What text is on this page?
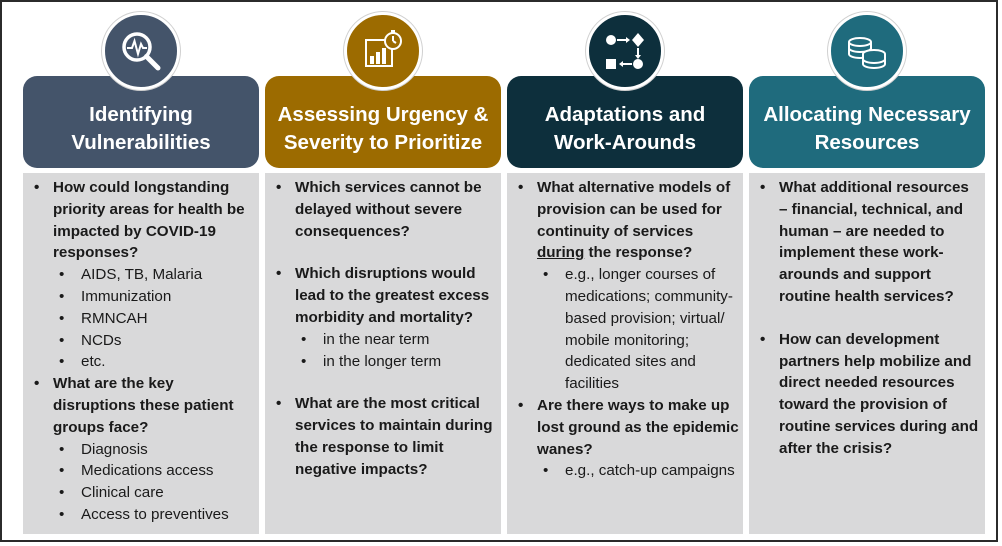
Identifying
Vulnerabilities
• How could longstanding priority areas for health be impacted by COVID-19 responses?
• AIDS, TB, Malaria
• Immunization
• RMNCAH
• NCDs
• etc.
• What are the key disruptions these patient groups face?
• Diagnosis
• Medications access
• Clinical care
• Access to preventives
Assessing Urgency &
Severity to Prioritize
• Which services cannot be delayed without severe consequences?
• Which disruptions would lead to the greatest excess morbidity and mortality?
• in the near term
• in the longer term
• What are the most critical services to maintain during the response to limit negative impacts?
Adaptations and
Work-Arounds
• What alternative models of provision can be used for continuity of services during the response?
• e.g., longer courses of medications; community-based provision; virtual/ mobile monitoring; dedicated sites and facilities
• Are there ways to make up lost ground as the epidemic wanes?
• e.g., catch-up campaigns
Allocating Necessary
Resources
• What additional resources – financial, technical, and human – are needed to implement these work-arounds and support routine health services?
• How can development partners help mobilize and direct needed resources toward the provision of routine services during and after the crisis?
